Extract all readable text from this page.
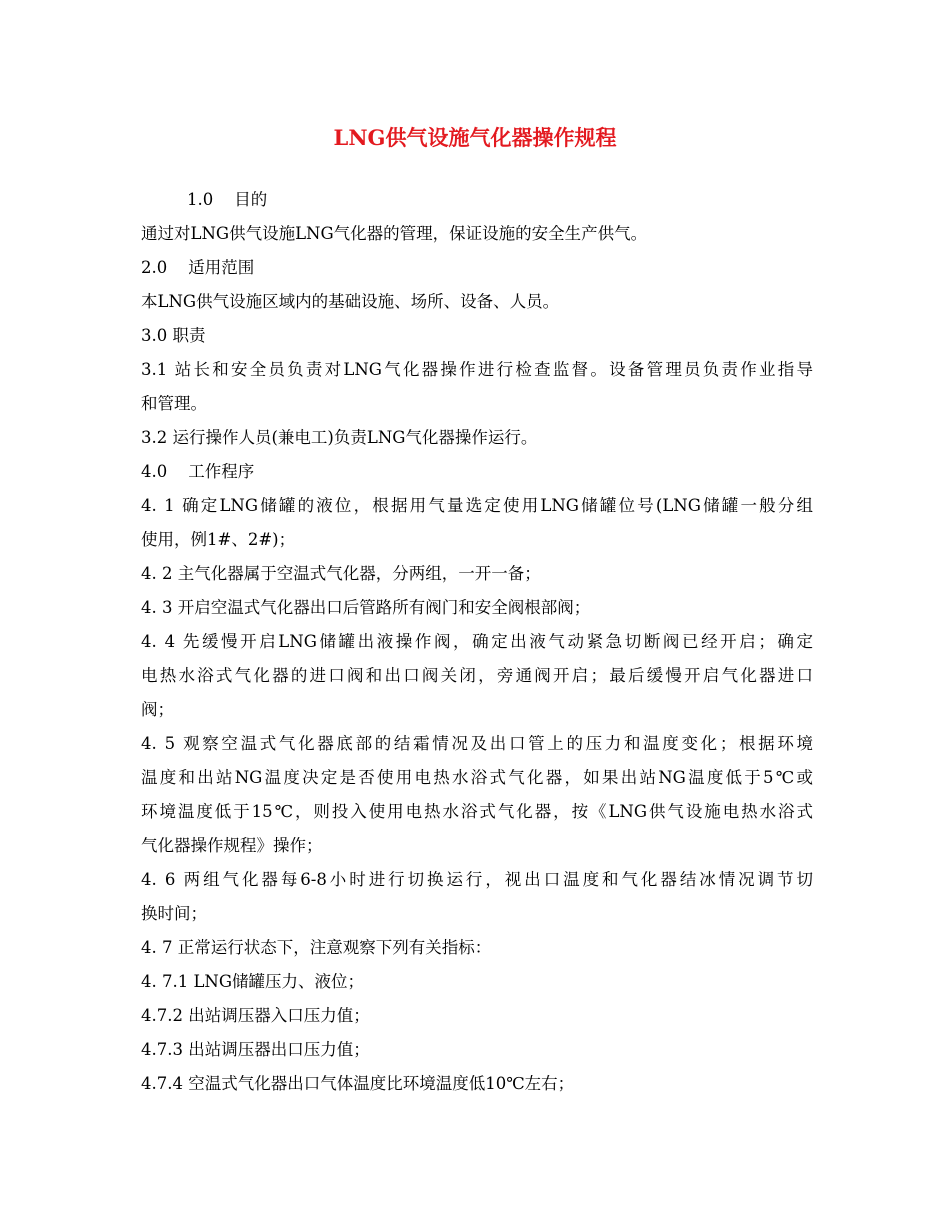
LNG供气设施气化器操作规程
1.0    目的
通过对LNG供气设施LNG气化器的管理，保证设施的安全生产供气。
2.0    适用范围
本LNG供气设施区域内的基础设施、场所、设备、人员。
3.0 职责
3.1 站长和安全员负责对LNG气化器操作进行检查监督。设备管理员负责作业指导
和管理。
3.2 运行操作人员(兼电工)负责LNG气化器操作运行。
4.0    工作程序
4. 1 确定LNG储罐的液位，根据用气量选定使用LNG储罐位号(LNG储罐一般分组
使用，例1#、2#)；
4. 2 主气化器属于空温式气化器，分两组，一开一备；
4. 3 开启空温式气化器出口后管路所有阀门和安全阀根部阀；
4. 4 先缓慢开启LNG储罐出液操作阀，确定出液气动紧急切断阀已经开启；确定
电热水浴式气化器的进口阀和出口阀关闭，旁通阀开启；最后缓慢开启气化器进口
阀；
4. 5 观察空温式气化器底部的结霜情况及出口管上的压力和温度变化；根据环境
温度和出站NG温度决定是否使用电热水浴式气化器，如果出站NG温度低于5℃或
环境温度低于15℃，则投入使用电热水浴式气化器，按《LNG供气设施电热水浴式
气化器操作规程》操作；
4. 6 两组气化器每6-8小时进行切换运行，视出口温度和气化器结冰情况调节切
换时间；
4. 7 正常运行状态下，注意观察下列有关指标：
4. 7.1 LNG储罐压力、液位；
4.7.2 出站调压器入口压力值；
4.7.3 出站调压器出口压力值；
4.7.4 空温式气化器出口气体温度比环境温度低10℃左右；
